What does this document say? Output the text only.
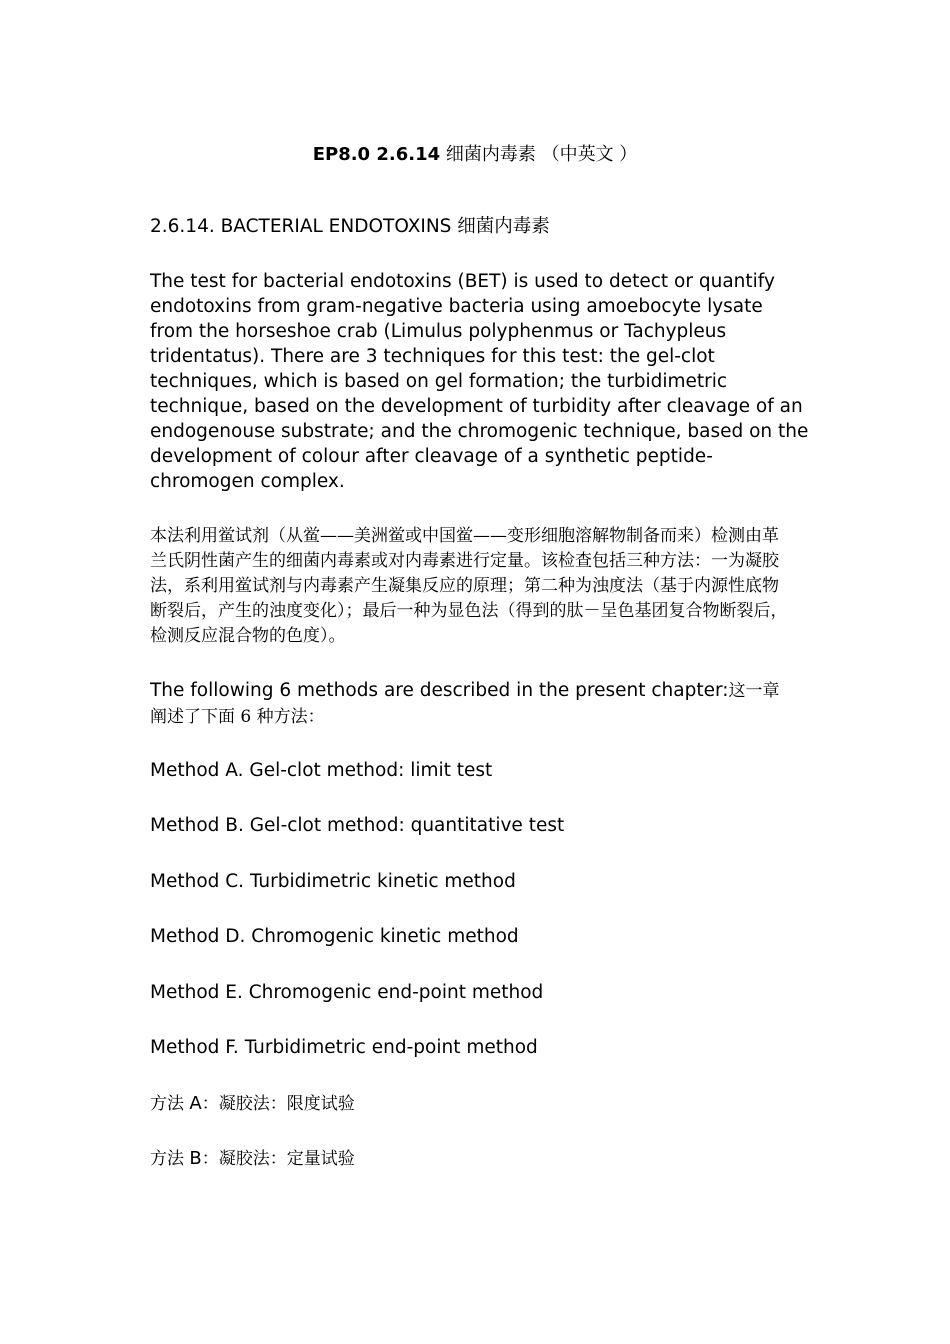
EP8.0 2.6.14 细菌内毒素 （中英文 ）
2.6.14. BACTERIAL ENDOTOXINS 细菌内毒素
The test for bacterial endotoxins (BET) is used to detect or quantify endotoxins from gram-negative bacteria using amoebocyte lysate from the horseshoe crab (Limulus polyphenmus or Tachypleus tridentatus). There are 3 techniques for this test: the gel-clot techniques, which is based on gel formation; the turbidimetric technique, based on the development of turbidity after cleavage of an endogenouse substrate; and the chromogenic technique, based on the development of colour after cleavage of a synthetic peptide-chromogen complex.
本法利用鲎试剂（从鲎——美洲鲎或中国鲎——变形细胞溶解物制备而来）检测由革兰氏阴性菌产生的细菌内毒素或对内毒素进行定量。该检查包括三种方法：一为凝胶法，系利用鲎试剂与内毒素产生凝集反应的原理；第二种为浊度法（基于内源性底物断裂后，产生的浊度变化）；最后一种为显色法（得到的肽－呈色基团复合物断裂后，检测反应混合物的色度）。
The following 6 methods are described in the present chapter:这一章阐述了下面 6 种方法：
Method A. Gel-clot method: limit test
Method B. Gel-clot method: quantitative test
Method C. Turbidimetric kinetic method
Method D. Chromogenic kinetic method
Method E. Chromogenic end-point method
Method F. Turbidimetric end-point method
方法 A：凝胶法：限度试验
方法 B：凝胶法：定量试验
